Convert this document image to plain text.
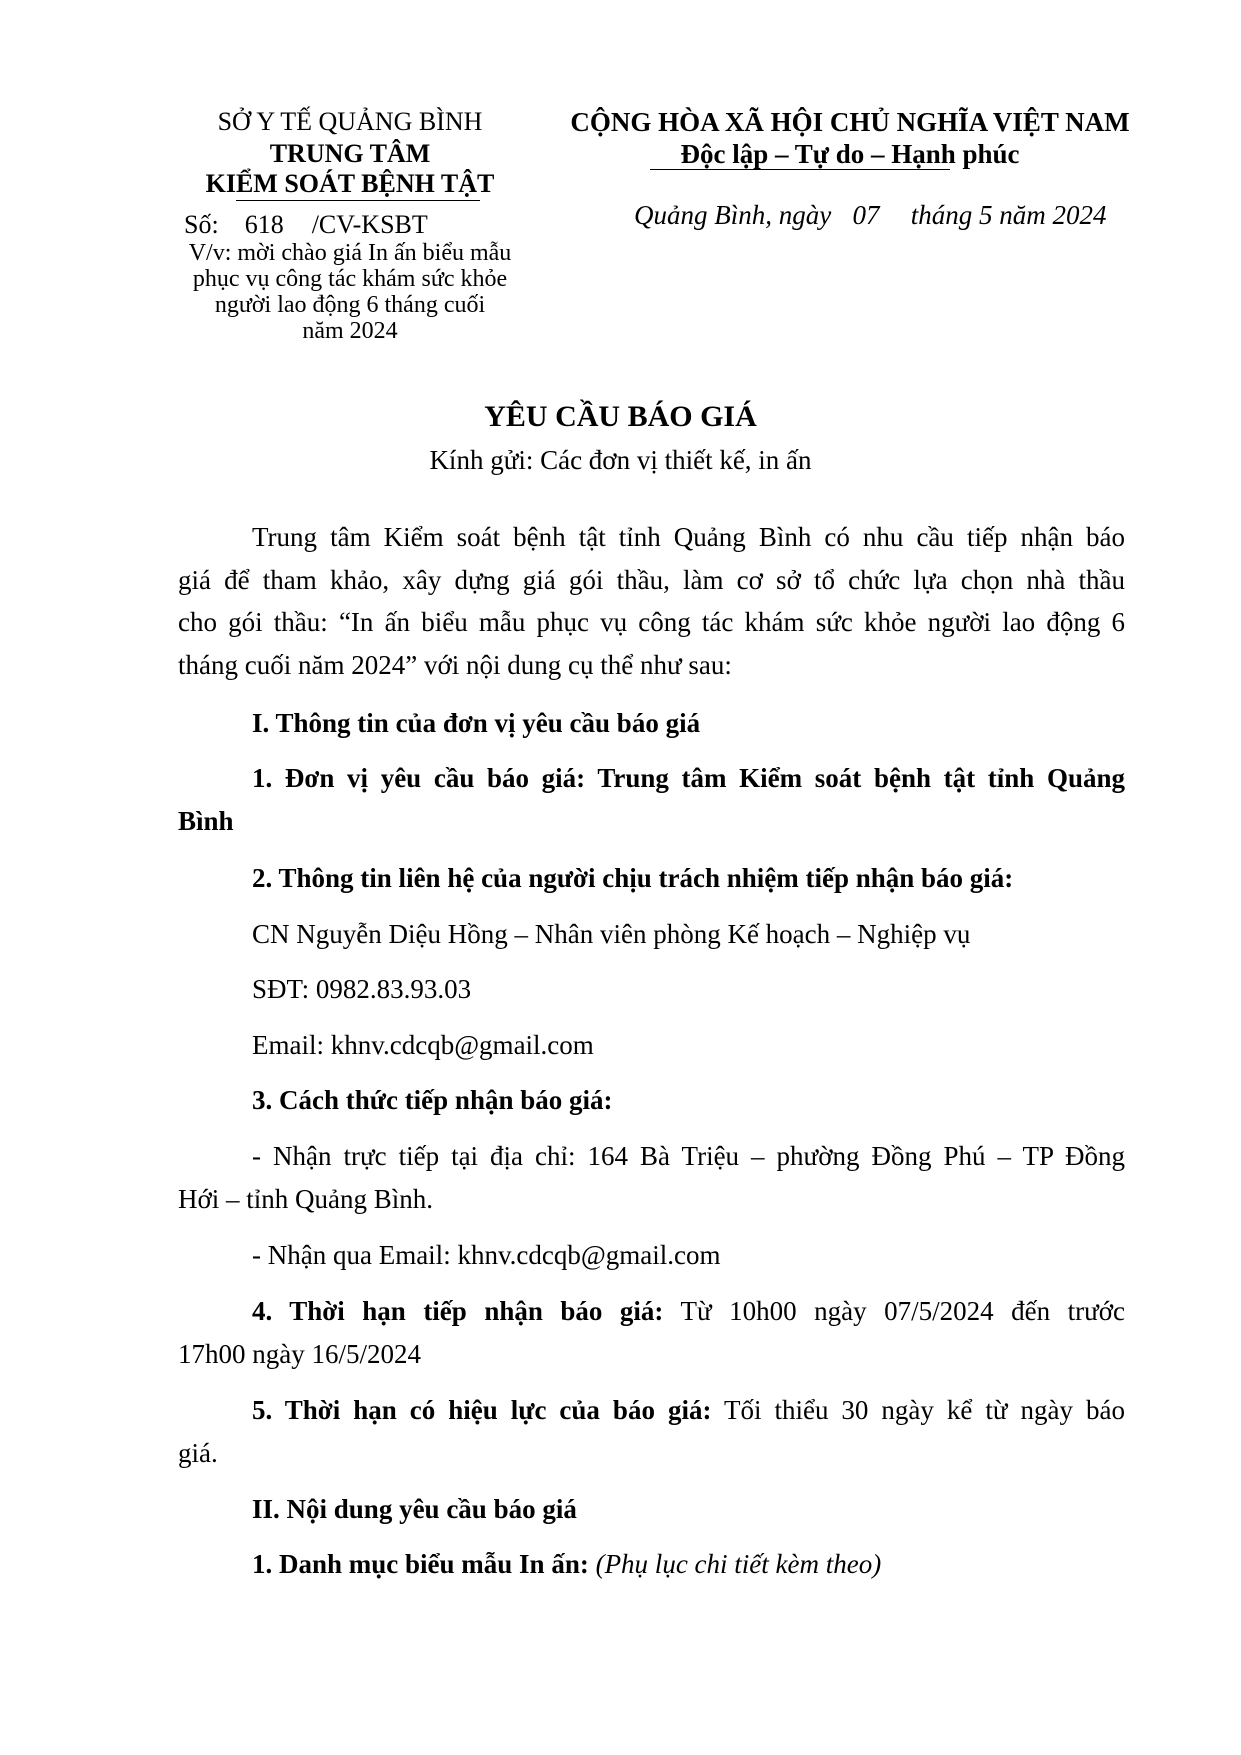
SỞ Y TẾ QUẢNG BÌNH
TRUNG TÂM
KIỂM SOÁT BỆNH TẬT
Số: 618 /CV-KSBT
V/v: mời chào giá In ấn biểu mẫu
phục vụ công tác khám sức khỏe
người lao động 6 tháng cuối
năm 2024
CỘNG HÒA XÃ HỘI CHỦ NGHĨA VIỆT NAM
Độc lập – Tự do – Hạnh phúc
Quảng Bình, ngày 07 tháng 5 năm 2024
YÊU CẦU BÁO GIÁ
Kính gửi: Các đơn vị thiết kế, in ấn
Trung tâm Kiểm soát bệnh tật tỉnh Quảng Bình có nhu cầu tiếp nhận báo
giá để tham khảo, xây dựng giá gói thầu, làm cơ sở tổ chức lựa chọn nhà thầu
cho gói thầu: “In ấn biểu mẫu phục vụ công tác khám sức khỏe người lao động 6
tháng cuối năm 2024” với nội dung cụ thể như sau:
I. Thông tin của đơn vị yêu cầu báo giá
1. Đơn vị yêu cầu báo giá: Trung tâm Kiểm soát bệnh tật tỉnh Quảng
Bình
2. Thông tin liên hệ của người chịu trách nhiệm tiếp nhận báo giá:
CN Nguyễn Diệu Hồng – Nhân viên phòng Kế hoạch – Nghiệp vụ
SĐT: 0982.83.93.03
Email: khnv.cdcqb@gmail.com
3. Cách thức tiếp nhận báo giá:
- Nhận trực tiếp tại địa chỉ: 164 Bà Triệu – phường Đồng Phú – TP Đồng
Hới – tỉnh Quảng Bình.
- Nhận qua Email: khnv.cdcqb@gmail.com
4. Thời hạn tiếp nhận báo giá: Từ 10h00 ngày 07/5/2024 đến trước
17h00 ngày 16/5/2024
5. Thời hạn có hiệu lực của báo giá: Tối thiểu 30 ngày kể từ ngày báo
giá.
II. Nội dung yêu cầu báo giá
1. Danh mục biểu mẫu In ấn: (Phụ lục chi tiết kèm theo)
